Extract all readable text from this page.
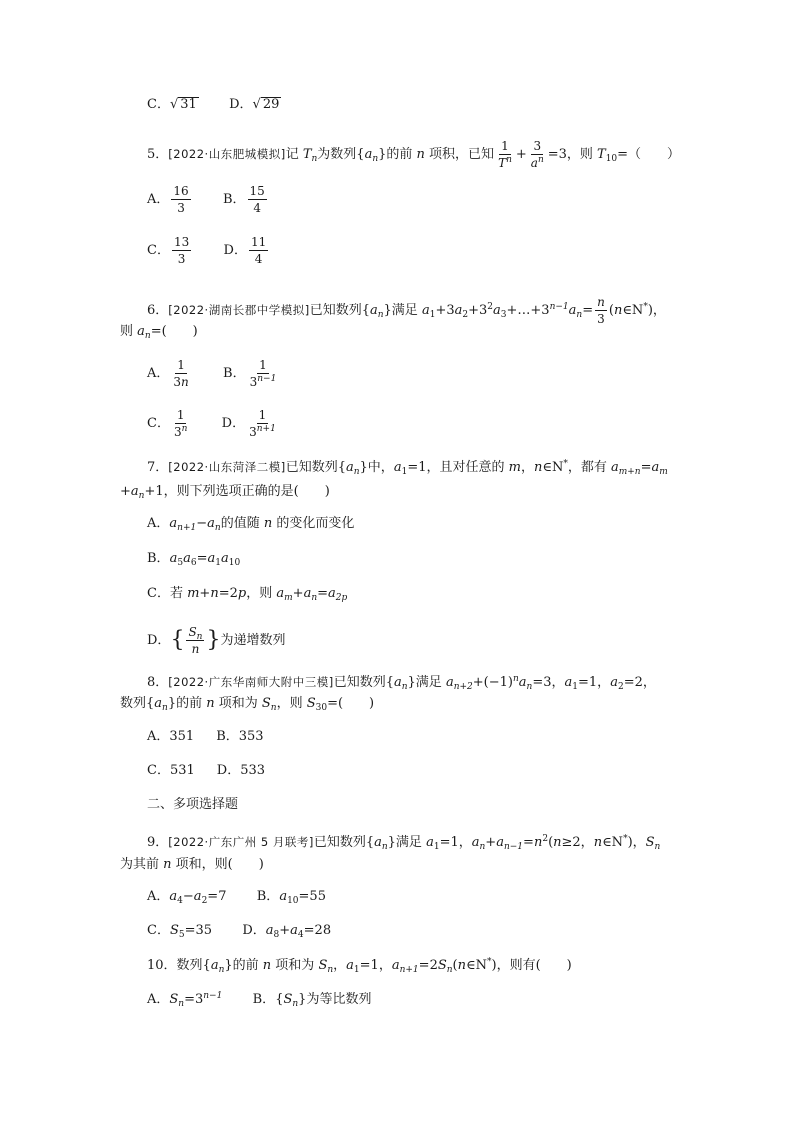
C．√ 31 D．√ 29
5．[2022·山东肥城模拟]记 $T_n$为数列$\{a_n\}$的前 n 项积，已知 $\frac{1}{T^n} + \frac{3}{a^n} =3$，则 $T_{10}=$（　　）
A． $\frac{16}{3}$ B． $\frac{15}{4}$
C． $\frac{13}{3}$ D． $\frac{11}{4}$
6．[2022·湖南长郡中学模拟]已知数列$\{a_n\}$满足 $a_1+3a_2+3^2a_3+\dots+3^{n-1}a_n= \frac{n}{3}$ (n∈N*)，
则 $a_n=$(　　)
A． $\frac{1}{3n}$ B． $\frac{1}{3^{n-1}}$
C． $\frac{1}{3^n}$ D． $\frac{1}{3^{n+1}}$
7．[2022·山东菏泽二模]已知数列$\{a_n\}$中，$a_1=1$，且对任意的 m，n∈N*，都有 $a_{m+n}=a_m$
$+a_n+1$，则下列选项正确的是(　　)
A．$a_{n+1}-a_n$的值随 n 的变化而变化
B．$a_5a_6=a_1a_{10}$
C．若 m+n=2p，则 $a_m+a_n=a_{2p}$
D．{ $\frac{S_n}{n}$ }为递增数列
8．[2022·广东华南师大附中三模]已知数列$\{a_n\}$满足 $a_{n+2}+(-1)^na_n=3$，$a_1=1$，$a_2=2$，
数列$\{a_n\}$的前 n 项和为 $S_n$，则 $S_{30}=$(　　)
A．351 B．353
C．531 D．533
二、多项选择题
9．[2022·广东广州 5 月联考]已知数列$\{a_n\}$满足 $a_1=1$，$a_n+a_{n-1}=n^2(n\ge 2$，n∈N*)，$S_n$
为其前 n 项和，则(　　)
A．$a_4-a_2=7$ B．$a_{10}=55$
C．$S_5=35$ D．$a_8+a_4=28$
10．数列$\{a_n\}$的前 n 项和为 $S_n$，$a_1=1$，$a_{n+1}=2S_n(n\in N^*)$，则有(　　)
A．$S_n=3^{n-1}$ B．$\{S_n\}$为等比数列
